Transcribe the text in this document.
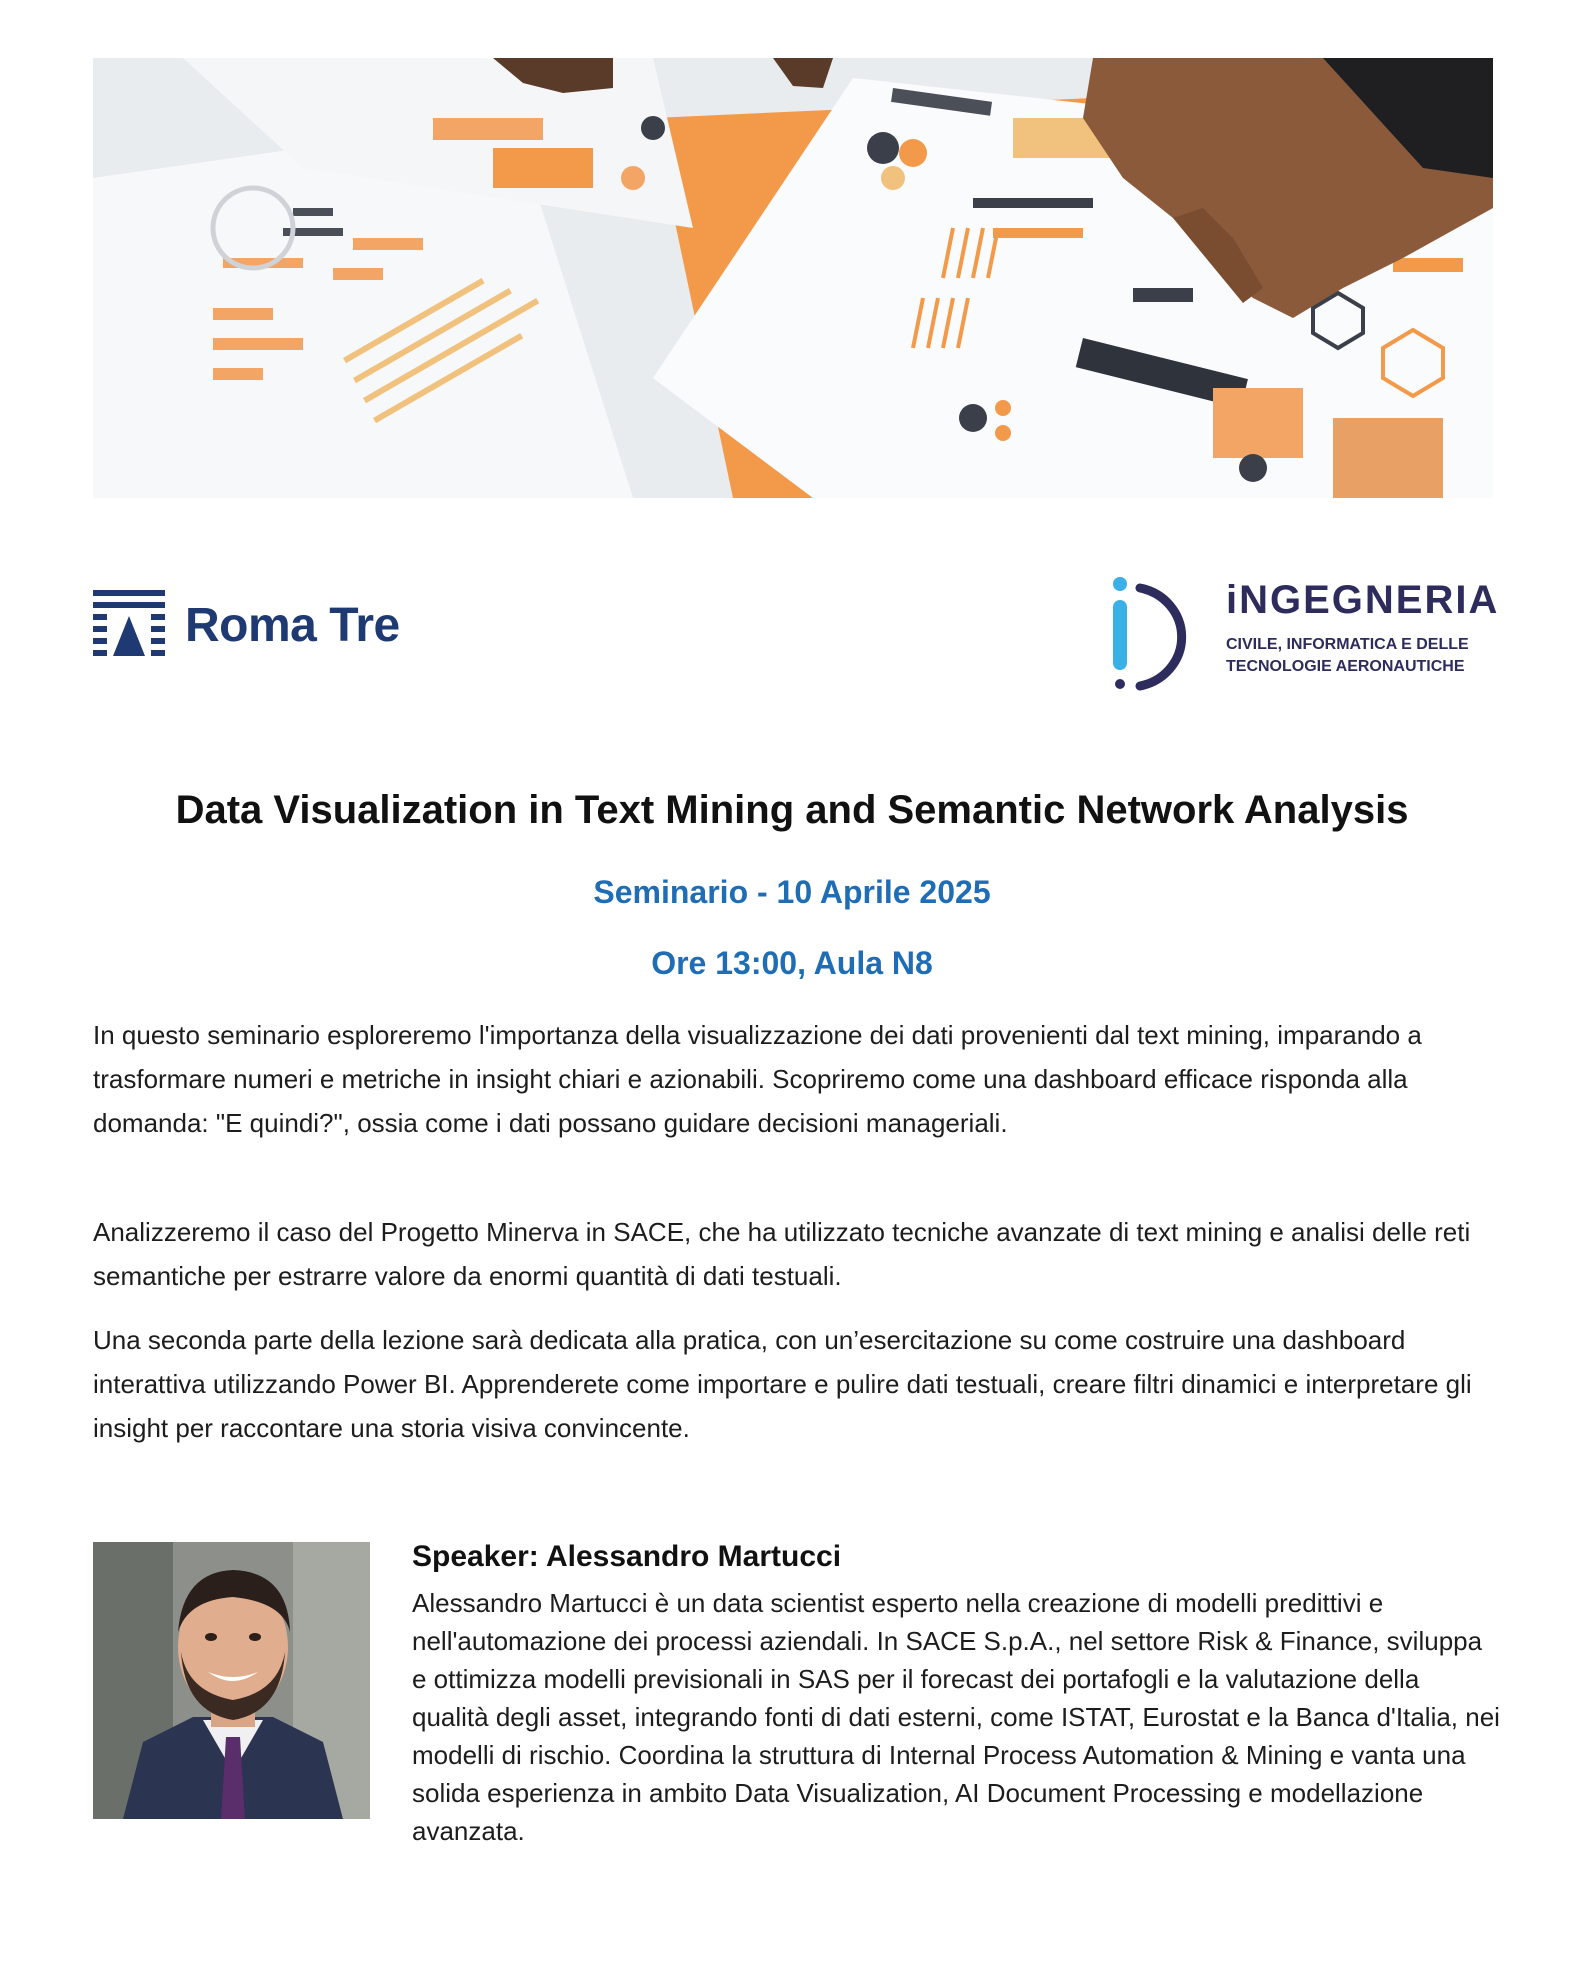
Roma Tre	iNGEGNERIA
CIVILE, INFORMATICA E DELLE
TECNOLOGIE AERONAUTICHE
Data Visualization in Text Mining and Semantic Network Analysis
Seminario - 10 Aprile 2025
Ore 13:00, Aula N8
In questo seminario esploreremo l'importanza della visualizzazione dei dati provenienti dal text mining, imparando a trasformare numeri e metriche in insight chiari e azionabili. Scopriremo come una dashboard efficace risponda alla domanda: "E quindi?", ossia come i dati possano guidare decisioni manageriali.
Analizzeremo il caso del Progetto Minerva in SACE, che ha utilizzato tecniche avanzate di text mining e analisi delle reti semantiche per estrarre valore da enormi quantità di dati testuali.
Una seconda parte della lezione sarà dedicata alla pratica, con un’esercitazione su come costruire una dashboard interattiva utilizzando Power BI. Apprenderete come importare e pulire dati testuali, creare filtri dinamici e interpretare gli insight per raccontare una storia visiva convincente.
Speaker: Alessandro Martucci
Alessandro Martucci è un data scientist esperto nella creazione di modelli predittivi e nell'automazione dei processi aziendali. In SACE S.p.A., nel settore Risk & Finance, sviluppa e ottimizza modelli previsionali in SAS per il forecast dei portafogli e la valutazione della qualità degli asset, integrando fonti di dati esterni, come ISTAT, Eurostat e la Banca d'Italia, nei modelli di rischio. Coordina la struttura di Internal Process Automation & Mining e vanta una solida esperienza in ambito Data Visualization, AI Document Processing e modellazione avanzata.
